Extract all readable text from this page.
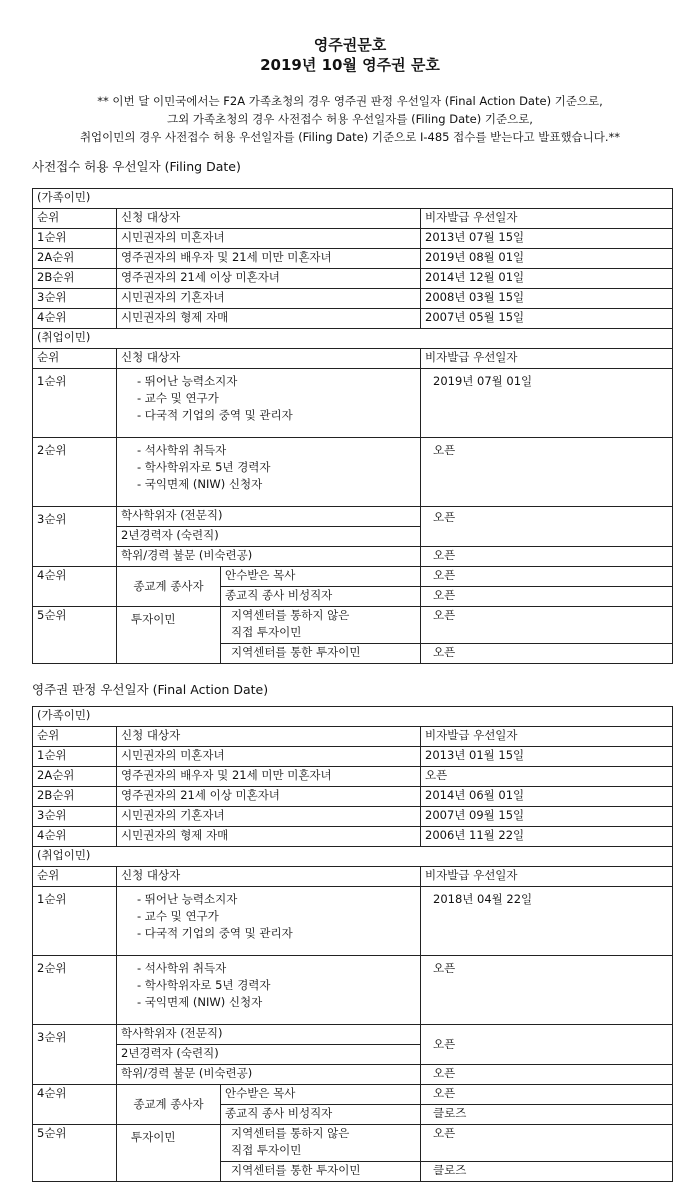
영주권문호
2019년 10월 영주권 문호
** 이번 달 이민국에서는 F2A 가족초청의 경우 영주권 판정 우선일자 (Final Action Date) 기준으로,
그외 가족초청의 경우 사전접수 허용 우선일자를 (Filing Date) 기준으로,
취업이민의 경우 사전접수 허용 우선일자를 (Filing Date) 기준으로 I-485 접수를 받는다고 발표했습니다.**
사전접수 허용 우선일자 (Filing Date)
(가족이민)			
순위	신청 대상자		비자발급 우선일자
1순위	시민권자의 미혼자녀		2013년 07월 15일
2A순위	영주권자의 배우자 및 21세 미만 미혼자녀		2019년 08월 01일
2B순위	영주권자의 21세 이상 미혼자녀		2014년 12월 01일
3순위	시민권자의 기혼자녀		2008년 03월 15일
4순위	시민권자의 형제 자매		2007년 05월 15일
(취업이민)			
순위	신청 대상자		비자발급 우선일자
1순위	- 뛰어난 능력소지자
- 교수 및 연구가
- 다국적 기업의 중역 및 관리자		2019년 07월 01일
2순위	- 석사학위 취득자
- 학사학위자로 5년 경력자
- 국익면제 (NIW) 신청자		오픈
3순위	학사학위자 (전문직)		오픈
	2년경력자 (숙련직)		
	학위/경력 불문 (비숙련공)		오픈
4순위	종교계 종사자	안수받은 목사	오픈
		종교직 종사 비성직자	오픈
5순위	투자이민	지역센터를 통하지 않은
직접 투자이민	오픈
		지역센터를 통한 투자이민	오픈
영주권 판정 우선일자 (Final Action Date)
(가족이민)			
순위	신청 대상자		비자발급 우선일자
1순위	시민권자의 미혼자녀		2013년 01월 15일
2A순위	영주권자의 배우자 및 21세 미만 미혼자녀		오픈
2B순위	영주권자의 21세 이상 미혼자녀		2014년 06월 01일
3순위	시민권자의 기혼자녀		2007년 09월 15일
4순위	시민권자의 형제 자매		2006년 11월 22일
(취업이민)			
순위	신청 대상자		비자발급 우선일자
1순위	- 뛰어난 능력소지자
- 교수 및 연구가
- 다국적 기업의 중역 및 관리자		2018년 04월 22일
2순위	- 석사학위 취득자
- 학사학위자로 5년 경력자
- 국익면제 (NIW) 신청자		오픈
3순위	학사학위자 (전문직)		오픈
	2년경력자 (숙련직)		
	학위/경력 불문 (비숙련공)		오픈
4순위	종교계 종사자	안수받은 목사	오픈
		종교직 종사 비성직자	클로즈
5순위	투자이민	지역센터를 통하지 않은
직접 투자이민	오픈
		지역센터를 통한 투자이민	클로즈
